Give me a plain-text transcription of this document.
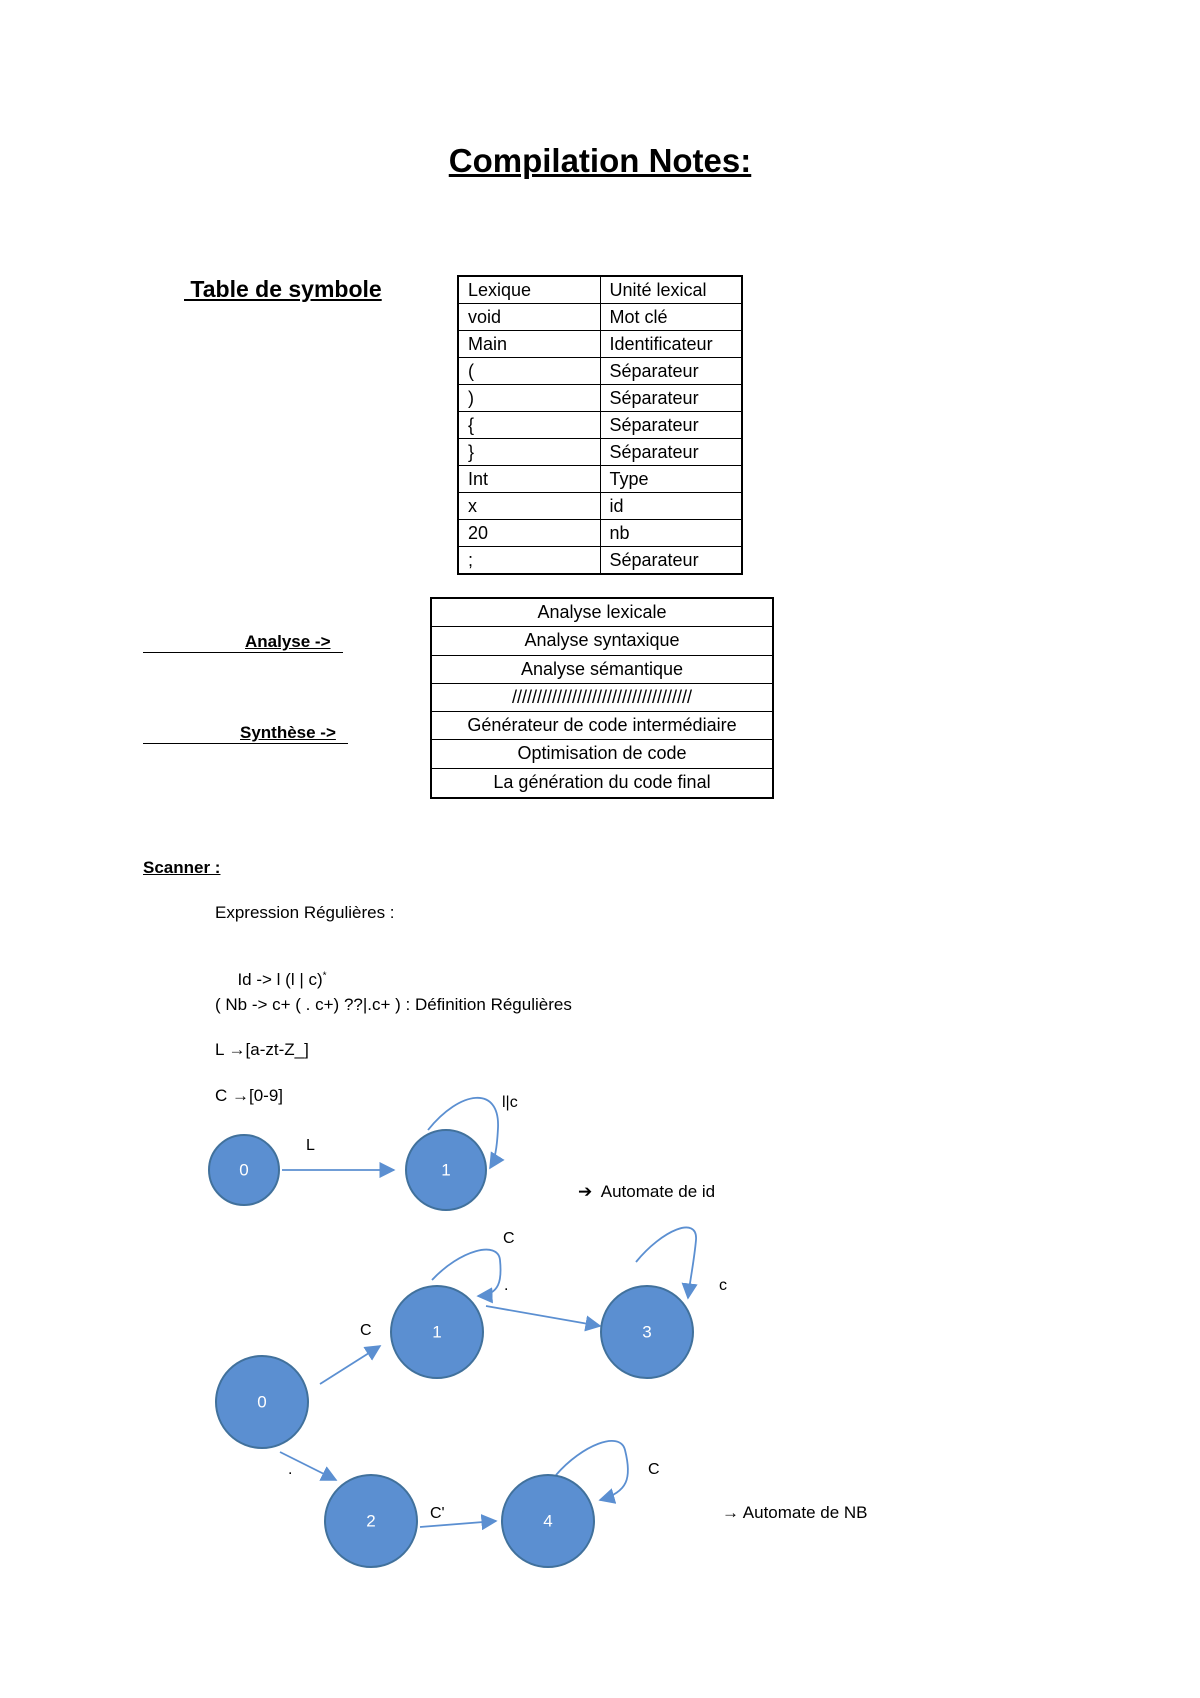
Compilation Notes:
Table de symbole	Lexique	Unité lexical
void	Mot clé
Main	Identificateur
(	Séparateur
)	Séparateur
{	Séparateur
}	Séparateur
Int	Type
x	id
20	nb
;	Séparateur
Analyse ->
Synthèse ->
Analyse lexicale
Analyse syntaxique
Analyse sémantique
////////////////////////////////////
Générateur de code intermédiaire
Optimisation de code
La génération du code final
Scanner :
Expression Régulières :

Id -> l (l | c)*

( Nb -> c+ ( . c+) ??|.c+ ) : Définition Régulières
L →[a-zt-Z_]
C →[0-9]
L
l|c
0	1
C
.
C
.	c
C'
C
0
1
2
3
4
➔  Automate de id
→ Automate de NB
